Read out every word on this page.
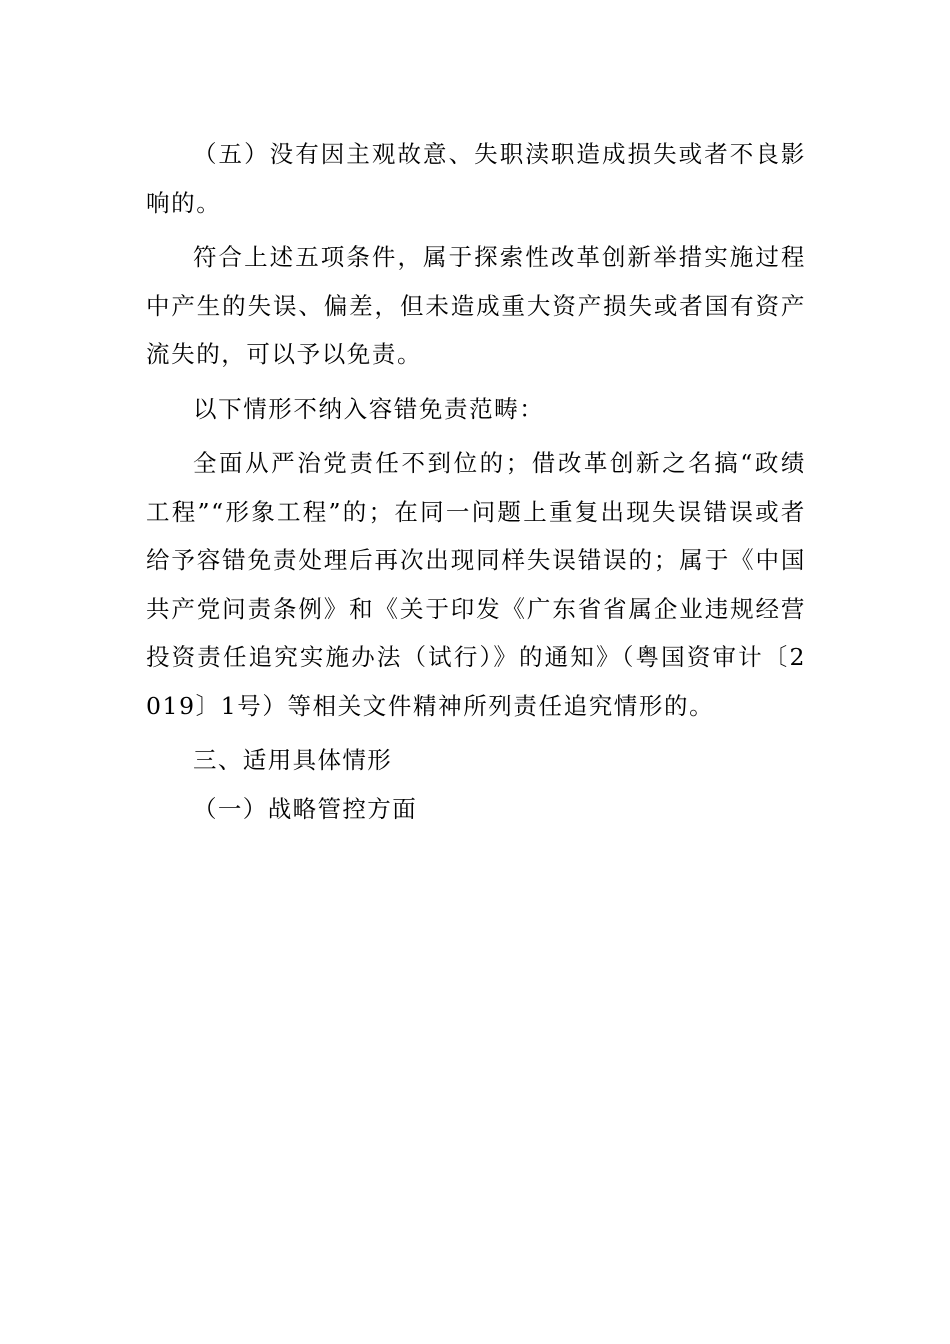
（五）没有因主观故意、失职渎职造成损失或者不良影响的。

符合上述五项条件，属于探索性改革创新举措实施过程中产生的失误、偏差，但未造成重大资产损失或者国有资产流失的，可以予以免责。

以下情形不纳入容错免责范畴：

全面从严治党责任不到位的；借改革创新之名搞“政绩工程”“形象工程”的；在同一问题上重复出现失误错误或者给予容错免责处理后再次出现同样失误错误的；属于《中国共产党问责条例》和《关于印发《广东省省属企业违规经营投资责任追究实施办法（试行）》的通知》（粤国资审计〔2019〕1号）等相关文件精神所列责任追究情形的。

三、适用具体情形
（一）战略管控方面
